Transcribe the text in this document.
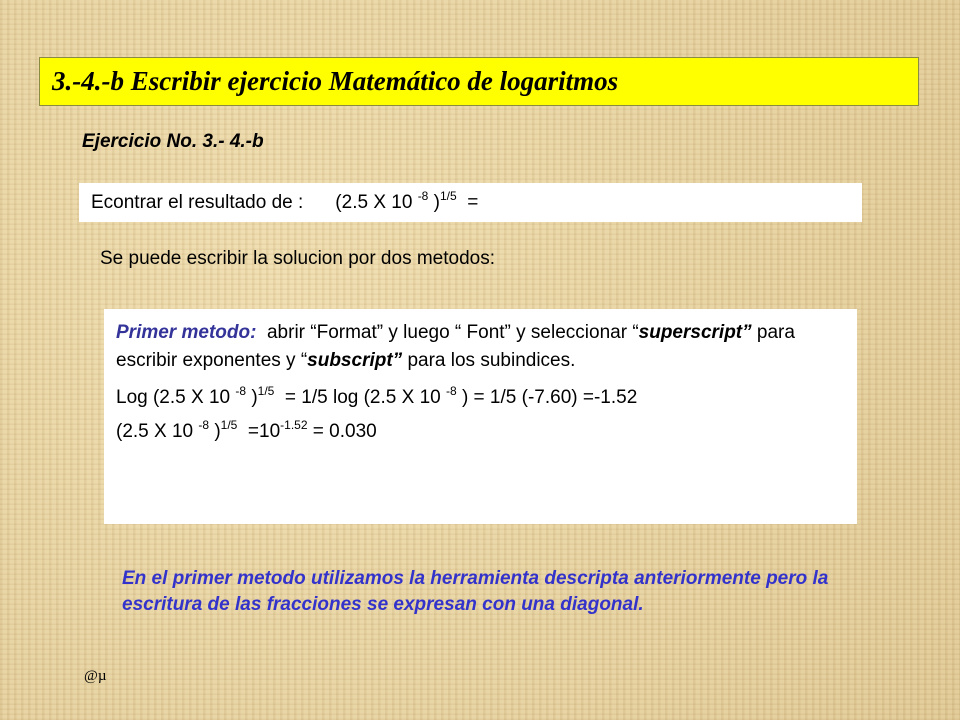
3.-4.-b Escribir ejercicio Matemático de logaritmos
Ejercicio No. 3.- 4.-b
Econtrar el resultado de : (2.5 X 10 $^{-8}$ )$^{1/5}$ =
Se puede escribir la solucion por dos metodos:

Primer metodo: abrir “Format” y luego “ Font” y seleccionar “superscript” para escribir exponentes y “subscript” para los subindices.

Log (2.5 X 10 $^{-8}$ )$^{1/5}$  = 1/5 log (2.5 X 10 $^{-8}$ ) = 1/5 (-7.60) =-1.52

(2.5 X 10 $^{-8}$ )$^{1/5} =10^{-1.52} = 0.030$

En el primer metodo utilizamos la herramienta descripta anteriormente pero la escritura de las fracciones se expresan con una diagonal.
@µ
